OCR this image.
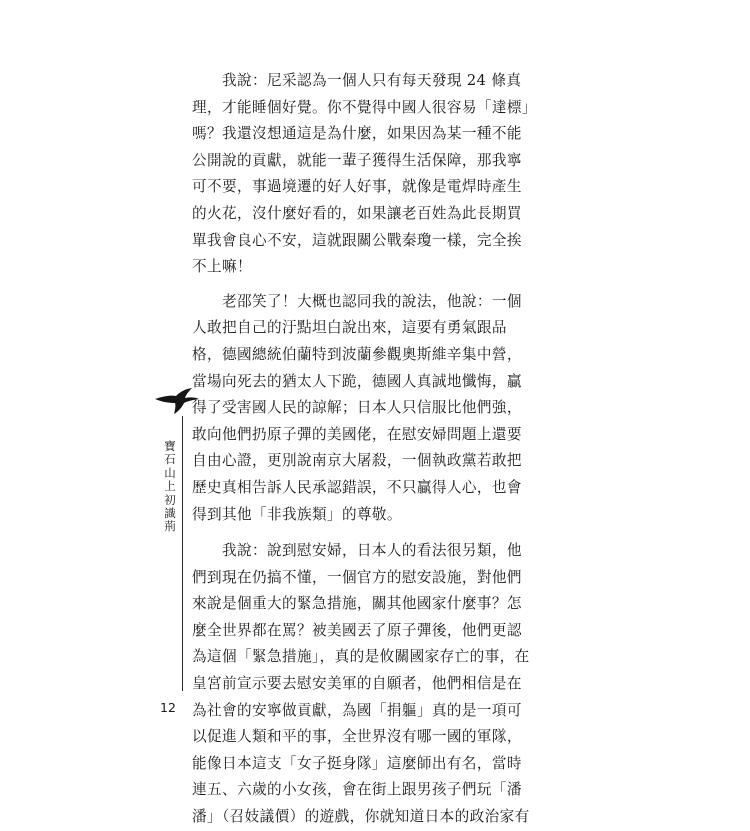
　　我說：尼采認為一個人只有每天發現 24 條真
理，才能睡個好覺。你不覺得中國人很容易「達標」
嗎？我還沒想通這是為什麼，如果因為某一種不能
公開說的貢獻，就能一輩子獲得生活保障，那我寧
可不要，事過境遷的好人好事，就像是電焊時產生
的火花，沒什麼好看的，如果讓老百姓為此長期買
單我會良心不安，這就跟關公戰秦瓊一樣，完全挨
不上嘛！
　　老邵笑了！大概也認同我的說法，他說：一個
人敢把自己的汙點坦白說出來，這要有勇氣跟品
格，德國總統伯蘭特到波蘭參觀奧斯維辛集中營，
當場向死去的猶太人下跪，德國人真誠地懺悔，贏
得了受害國人民的諒解；日本人只信服比他們強，
敢向他們扔原子彈的美國佬，在慰安婦問題上還要
自由心證，更別說南京大屠殺，一個執政黨若敢把
歷史真相告訴人民承認錯誤，不只贏得人心，也會
得到其他「非我族類」的尊敬。
　　我說：說到慰安婦，日本人的看法很另類，他
們到現在仍搞不懂，一個官方的慰安設施，對他們
來說是個重大的緊急措施，關其他國家什麼事？怎
麼全世界都在罵？被美國丟了原子彈後，他們更認
為這個「緊急措施」，真的是攸關國家存亡的事，在
皇宮前宣示要去慰安美軍的自願者，他們相信是在
為社會的安寧做貢獻，為國「捐軀」真的是一項可
以促進人類和平的事，全世界沒有哪一國的軍隊，
能像日本這支「女子挺身隊」這麼師出有名，當時
連五、六歲的小女孩，會在街上跟男孩子們玩「潘
潘」（召妓議價）的遊戲，你就知道日本的政治家有
寶石山上初識荊
12
